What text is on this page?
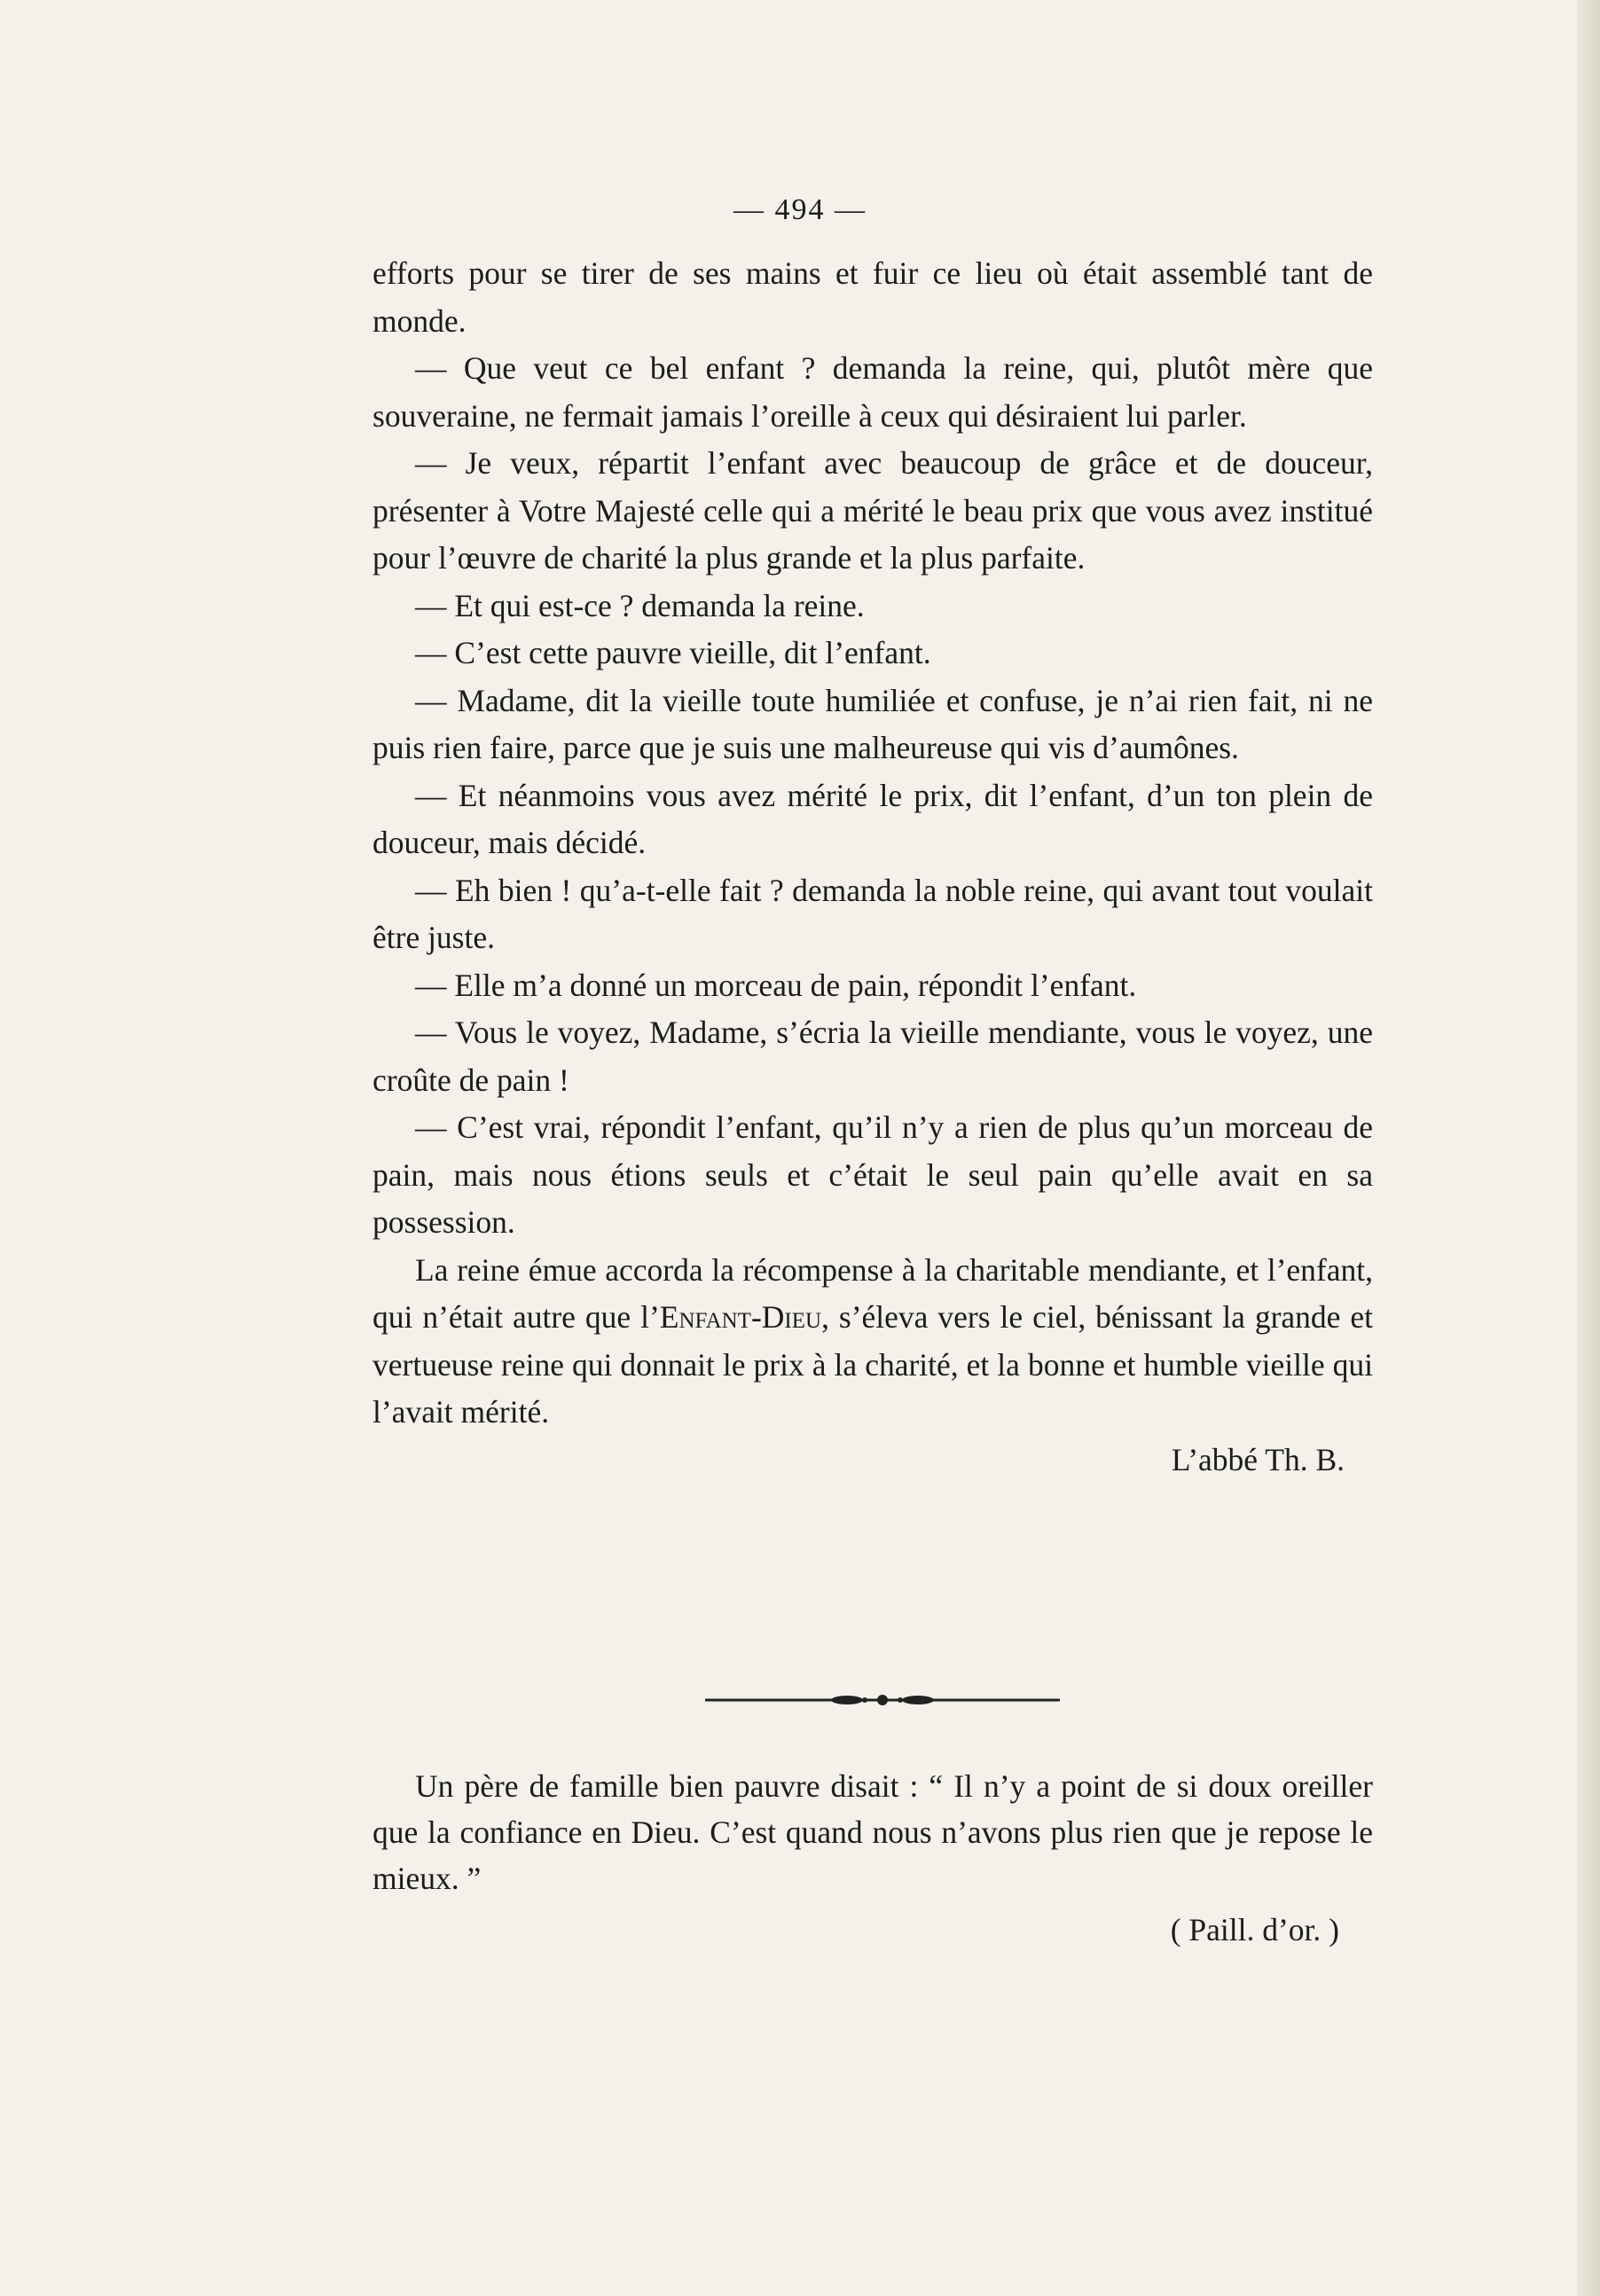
— 494 —

efforts pour se tirer de ses mains et fuir ce lieu où était assemblé tant de monde.

— Que veut ce bel enfant ? demanda la reine, qui, plutôt mère que souveraine, ne fermait jamais l’oreille à ceux qui désiraient lui parler.

— Je veux, répartit l’enfant avec beaucoup de grâce et de douceur, présenter à Votre Majesté celle qui a mérité le beau prix que vous avez institué pour l’œuvre de charité la plus grande et la plus parfaite.

— Et qui est-ce ? demanda la reine.

— C’est cette pauvre vieille, dit l’enfant.

— Madame, dit la vieille toute humiliée et confuse, je n’ai rien fait, ni ne puis rien faire, parce que je suis une malheureuse qui vis d’aumônes.

— Et néanmoins vous avez mérité le prix, dit l’enfant, d’un ton plein de douceur, mais décidé.

— Eh bien ! qu’a-t-elle fait ? demanda la noble reine, qui avant tout voulait être juste.

— Elle m’a donné un morceau de pain, répondit l’enfant.

— Vous le voyez, Madame, s’écria la vieille mendiante, vous le voyez, une croûte de pain !

— C’est vrai, répondit l’enfant, qu’il n’y a rien de plus qu’un morceau de pain, mais nous étions seuls et c’était le seul pain qu’elle avait en sa possession.

La reine émue accorda la récompense à la charitable mendiante, et l’enfant, qui n’était autre que l’Enfant-Dieu, s’éleva vers le ciel, bénissant la grande et vertueuse reine qui donnait le prix à la charité, et la bonne et humble vieille qui l’avait mérité.

L’abbé Th. B.

Un père de famille bien pauvre disait : “ Il n’y a point de si doux oreiller que la confiance en Dieu. C’est quand nous n’avons plus rien que je repose le mieux. ”

( Paill. d’or. )
